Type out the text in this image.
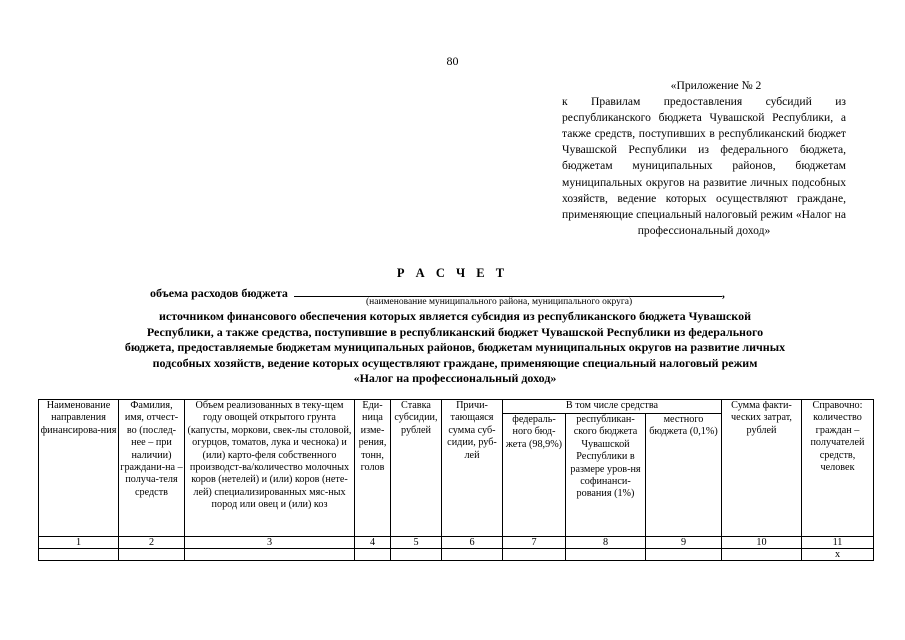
80
«Приложение № 2
к Правилам предоставления субсидий из республиканского бюджета Чувашской Республики, а также средств, поступивших в республиканский бюджет Чувашской Республики из федерального бюджета, бюджетам муниципальных районов, бюджетам муниципальных округов на развитие личных подсобных хозяйств, ведение которых осуществляют граждане, применяющие специальный налоговый режим «Налог на профессиональный доход»
Р А С Ч Е Т
объема расходов бюджета	,
(наименование муниципального района, муниципального округа)
источником финансового обеспечения которых является субсидия из республиканского бюджета Чувашской
Республики, а также средства, поступившие в республиканский бюджет Чувашской Республики из федерального
бюджета, предоставляемые бюджетам муниципальных районов, бюджетам муниципальных округов на развитие личных
подсобных хозяйств, ведение которых осуществляют граждане, применяющие специальный налоговый режим
«Налог на профессиональный доход»
Наименование направления финансирова-ния	Фамилия, имя, отчест-во (послед-нее – при наличии) граждани-на – получа-теля средств	Объем реализованных в теку-щем году овощей открытого грунта (капусты, моркови, свек-лы столовой, огурцов, томатов, лука и чеснока) и (или) карто-феля собственного производст-ва/количество молочных коров (нетелей) и (или) коров (нете-лей) специализированных мяс-ных пород или овец и (или) коз	Еди-ница изме-рения, тонн, голов	Ставка субсидии, рублей	Причи-тающаяся сумма суб-сидии, руб-лей	В том числе средства			Сумма факти-ческих затрат, рублей	Справочно: количество граждан – получателей средств, человек
						федераль-ного бюд-жета (98,9%)	республикан-ского бюджета Чувашской Республики в размере уров-ня софинанси-рования (1%)	местного бюджета (0,1%)		
1	2	3	4	5	6	7	8	9	10	11
										x
